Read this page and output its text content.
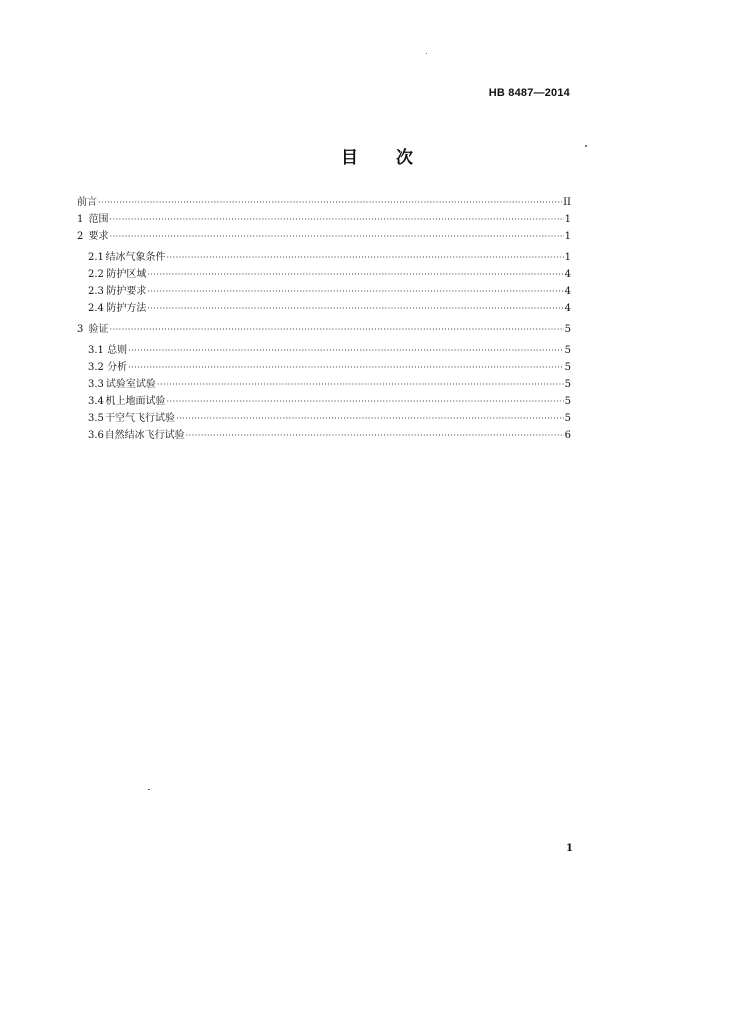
HB 8487—2014
目 次
前言 ·····	II
1 范围 ·····	1
2 要求 ·····	1
2.1 结冰气象条件 ·····	1
2.2 防护区域 ·····	4
2.3 防护要求 ·····	4
2.4 防护方法 ·····	4
3 验证 ·····	5
3.1 总则 ·····	5
3.2 分析 ·····	5
3.3 试验室试验 ·····	5
3.4 机上地面试验 ·····	5
3.5 干空气飞行试验 ·····	5
3.6 自然结冰飞行试验 ·····	6
1
